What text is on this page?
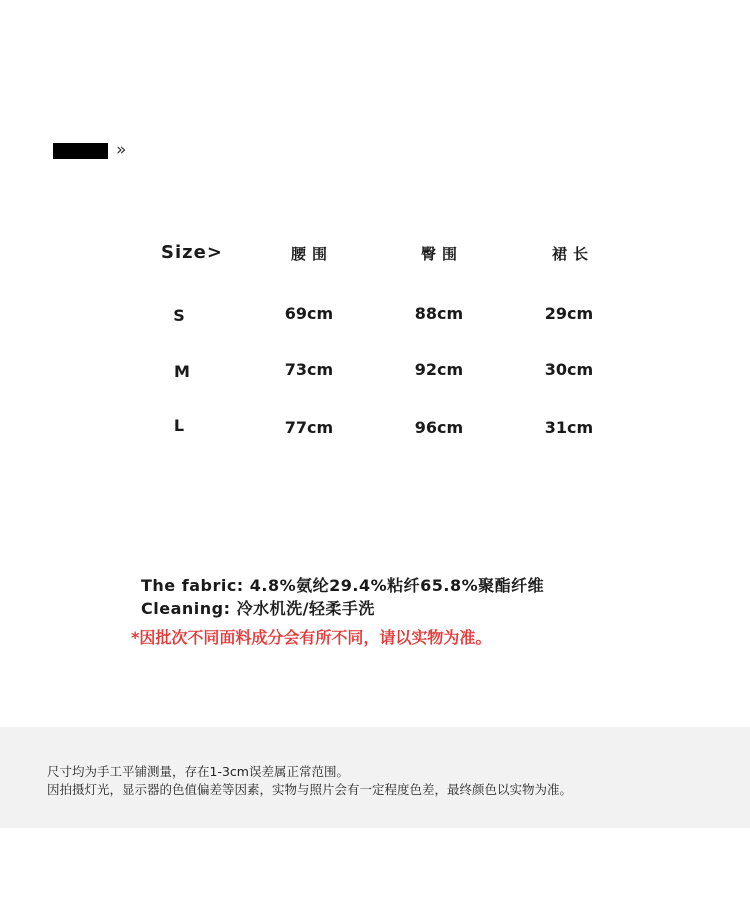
»
Size>	腰围	臀围	裙长
S	69cm	88cm	29cm
M	73cm	92cm	30cm
L	77cm	96cm	31cm
The fabric: 4.8%氨纶29.4%粘纤65.8%聚酯纤维
Cleaning: 冷水机洗/轻柔手洗
*因批次不同面料成分会有所不同，请以实物为准。
尺寸均为手工平铺测量，存在1-3cm误差属正常范围。
因拍摄灯光，显示器的色值偏差等因素，实物与照片会有一定程度色差，最终颜色以实物为准。
